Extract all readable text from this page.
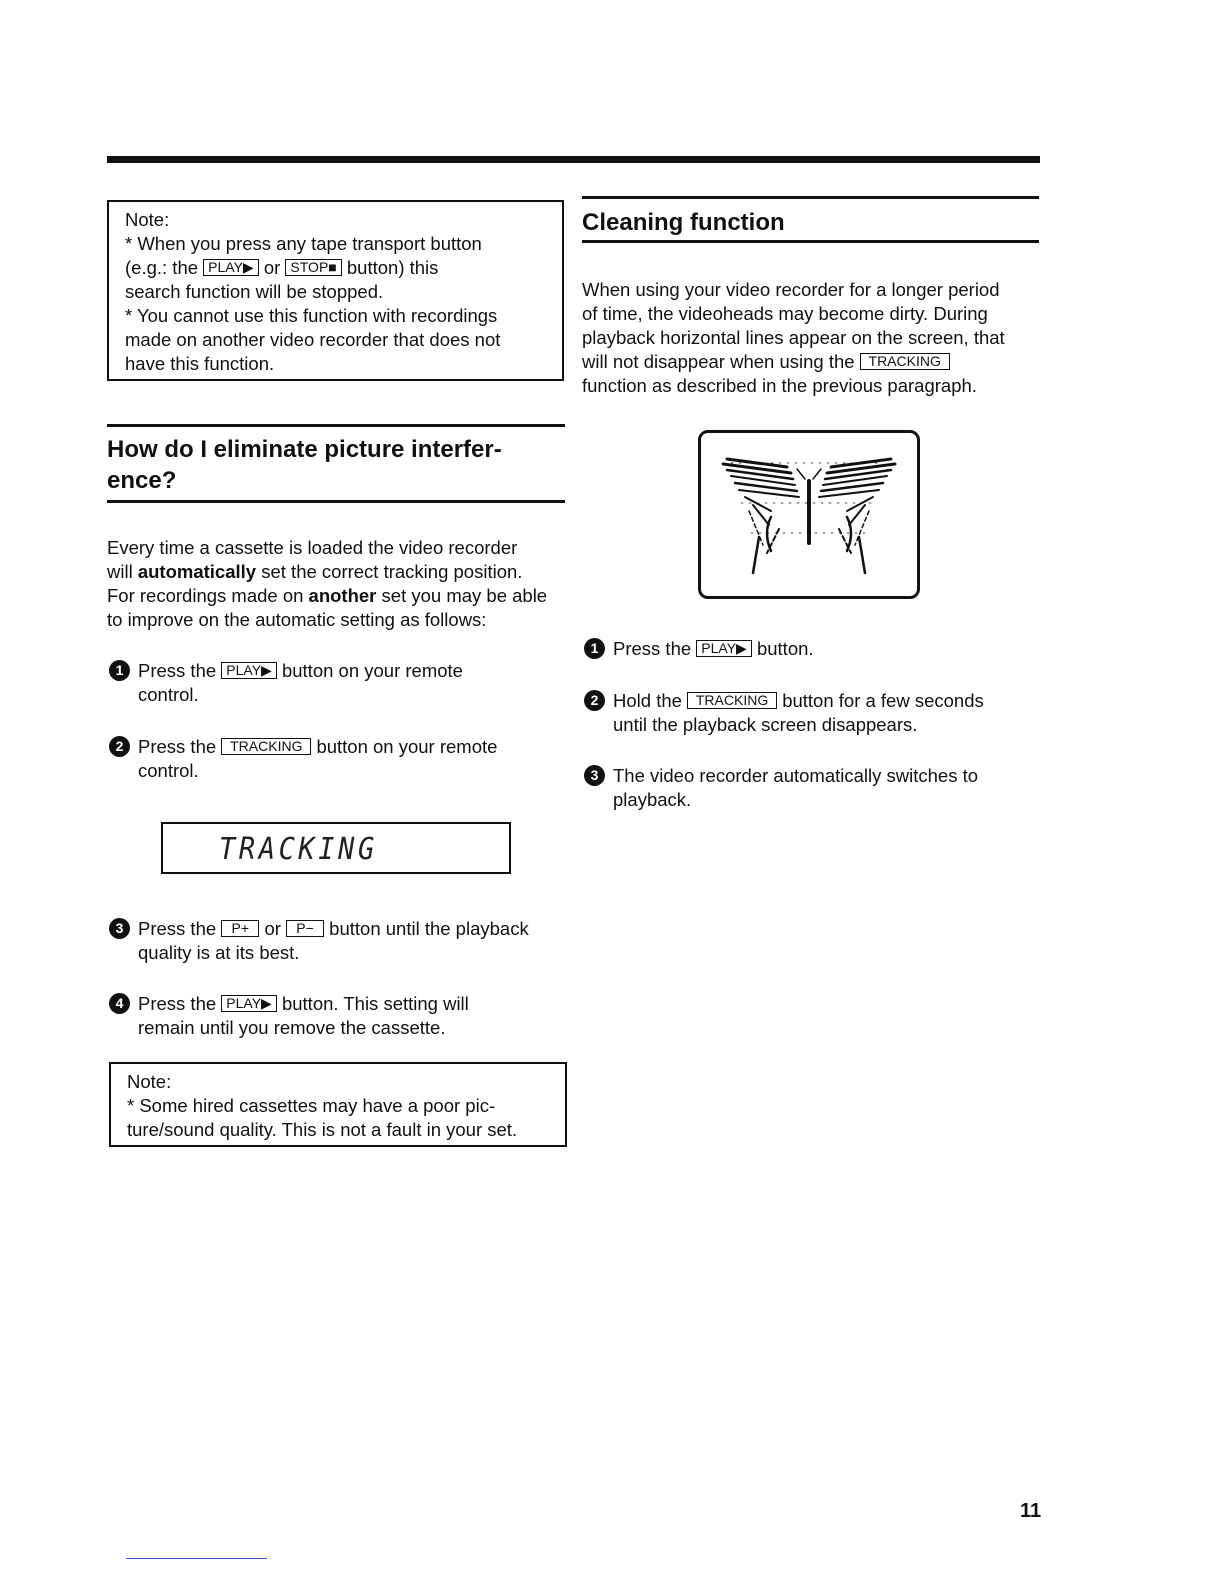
Note:
* When you press any tape transport button
(e.g.: the PLAY▶ or STOP■ button) this
search function will be stopped.
* You cannot use this function with recordings
made on another video recorder that does not
have this function.
How do I eliminate picture interfer-
ence?
Every time a cassette is loaded the video recorder
will automatically set the correct tracking position.
For recordings made on another set you may be able
to improve on the automatic setting as follows:
1 Press the PLAY▶ button on your remote
control.
2 Press the TRACKING button on your remote
control.
TRACKING
3 Press the P+ or P− button until the playback
quality is at its best.
4 Press the PLAY▶ button. This setting will
remain until you remove the cassette.
Note:
* Some hired cassettes may have a poor pic-
ture/sound quality. This is not a fault in your set.
Cleaning function
When using your video recorder for a longer period
of time, the videoheads may become dirty. During
playback horizontal lines appear on the screen, that
will not disappear when using the TRACKING
function as described in the previous paragraph.
1 Press the PLAY▶ button.
2 Hold the TRACKING button for a few seconds
until the playback screen disappears.
3 The video recorder automatically switches to
playback.
11
